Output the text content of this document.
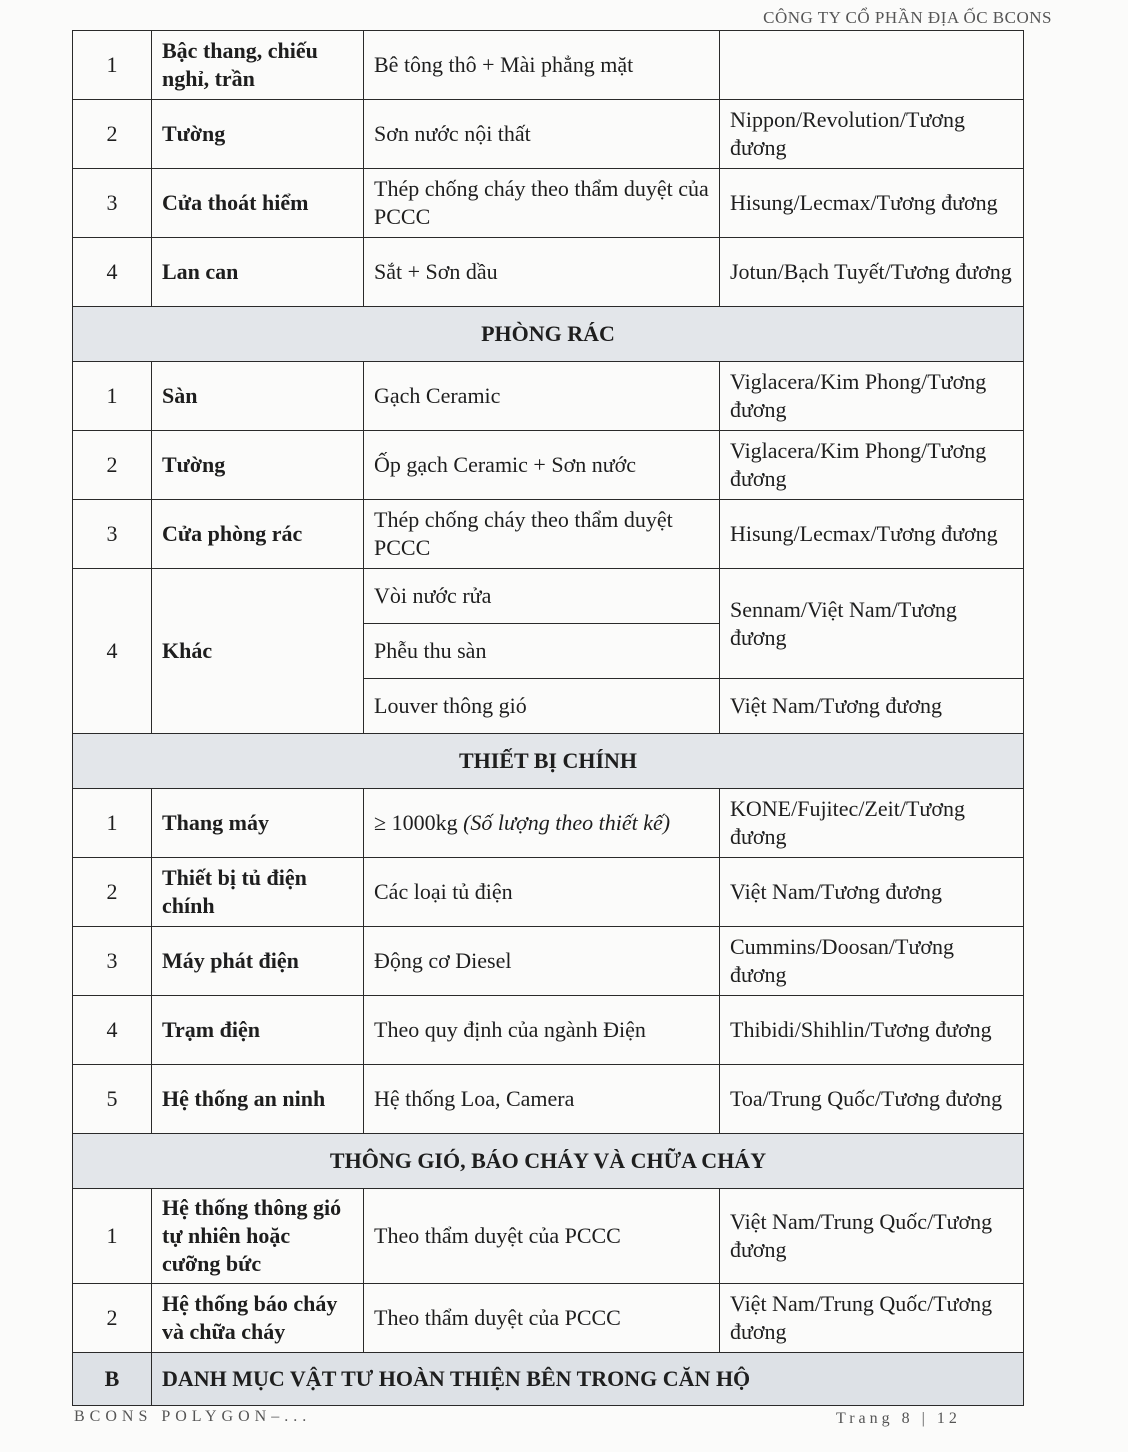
CÔNG TY CỔ PHẦN ĐỊA ỐC BCONS
1	Bậc thang, chiếu nghỉ, trần	Bê tông thô + Mài phẳng mặt	
2	Tường	Sơn nước nội thất	Nippon/Revolution/Tương đương
3	Cửa thoát hiểm	Thép chống cháy theo thẩm duyệt của PCCC	Hisung/Lecmax/Tương đương
4	Lan can	Sắt + Sơn dầu	Jotun/Bạch Tuyết/Tương đương
PHÒNG RÁC			
1	Sàn	Gạch Ceramic	Viglacera/Kim Phong/Tương đương
2	Tường	Ốp gạch Ceramic + Sơn nước	Viglacera/Kim Phong/Tương đương
3	Cửa phòng rác	Thép chống cháy theo thẩm duyệt PCCC	Hisung/Lecmax/Tương đương
4	Khác	Vòi nước rửa	Sennam/Việt Nam/Tương đương
		Phễu thu sàn	
		Louver thông gió	Việt Nam/Tương đương
THIẾT BỊ CHÍNH			
1	Thang máy	≥ 1000kg (Số lượng theo thiết kế)	KONE/Fujitec/Zeit/Tương đương
2	Thiết bị tủ điện chính	Các loại tủ điện	Việt Nam/Tương đương
3	Máy phát điện	Động cơ Diesel	Cummins/Doosan/Tương đương
4	Trạm điện	Theo quy định của ngành Điện	Thibidi/Shihlin/Tương đương
5	Hệ thống an ninh	Hệ thống Loa, Camera	Toa/Trung Quốc/Tương đương
THÔNG GIÓ, BÁO CHÁY VÀ CHỮA CHÁY			
1	Hệ thống thông gió tự nhiên hoặc cưỡng bức	Theo thẩm duyệt của PCCC	Việt Nam/Trung Quốc/Tương đương
2	Hệ thống báo cháy và chữa cháy	Theo thẩm duyệt của PCCC	Việt Nam/Trung Quốc/Tương đương
B	DANH MỤC VẬT TƯ HOÀN THIỆN BÊN TRONG CĂN HỘ		
BCONS POLYGON–...	Trang 8 | 12
